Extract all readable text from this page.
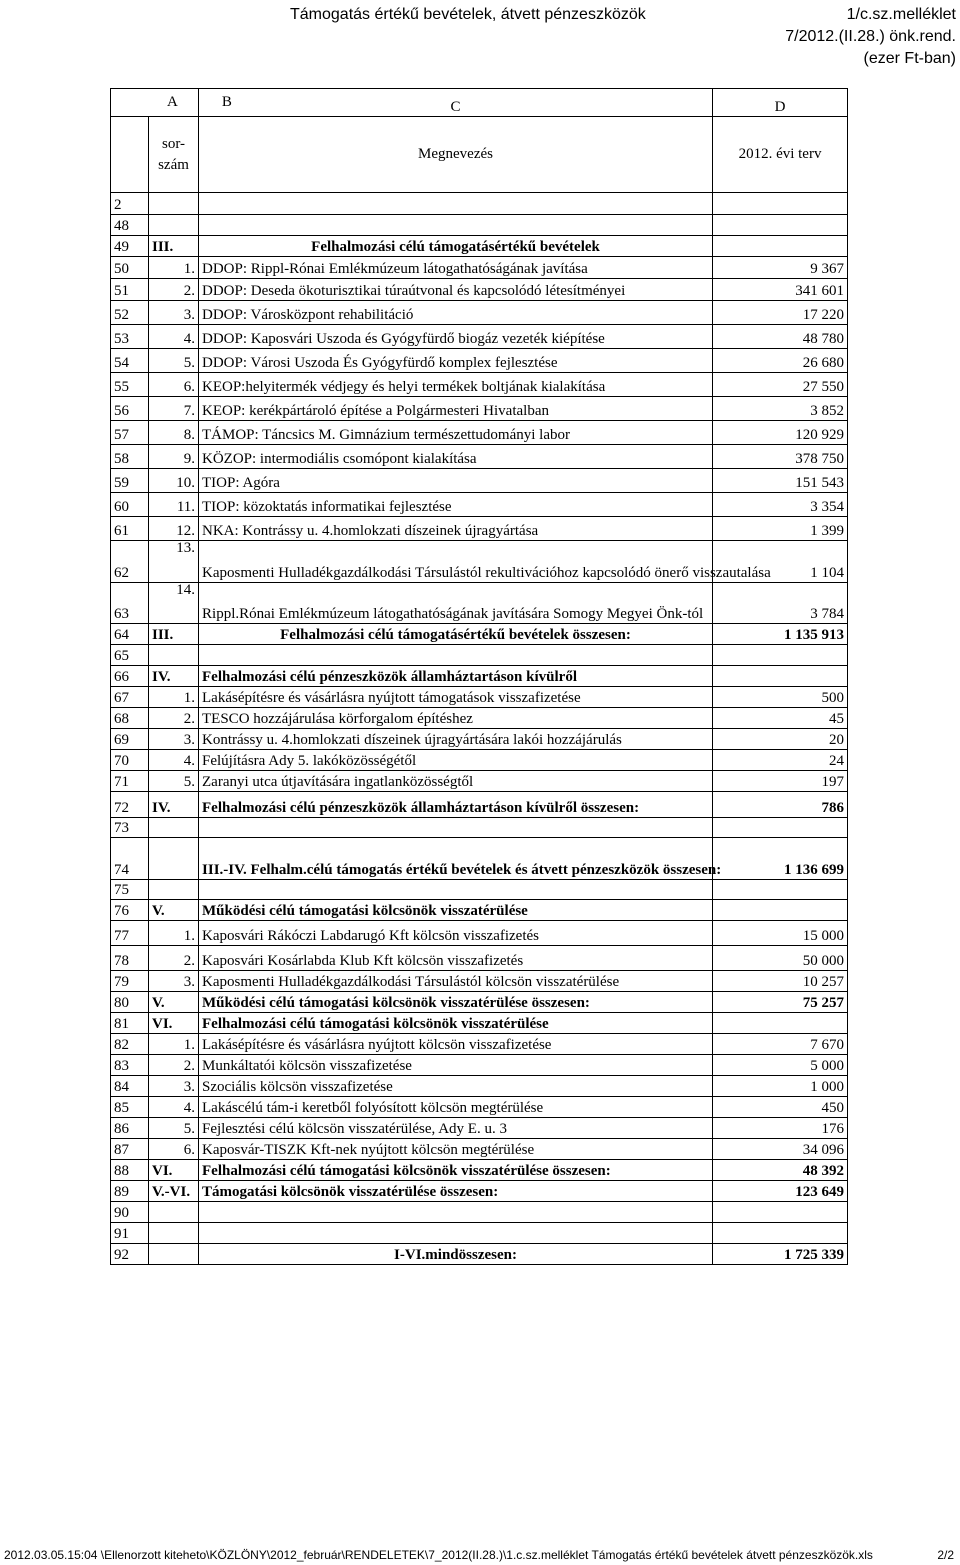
Támogatás értékű bevételek, átvett pénzeszközök	1/c.sz.melléklet
7/2012.(II.28.) önk.rend.
(ezer Ft-ban)
A B		C	D
	sor-
szám	Megnevezés	2012. évi terv
2			
48			
49	III.	Felhalmozási célú támogatásértékű bevételek	
50	1.	DDOP: Rippl-Rónai Emlékmúzeum látogathatóságának javítása	9 367
51	2.	DDOP: Deseda ökoturisztikai túraútvonal és kapcsolódó létesítményei	341 601
52	3.	DDOP: Városközpont rehabilitáció	17 220
53	4.	DDOP: Kaposvári Uszoda és Gyógyfürdő biogáz vezeték kiépítése	48 780
54	5.	DDOP: Városi Uszoda És Gyógyfürdő komplex fejlesztése	26 680
55	6.	KEOP:helyitermék védjegy és helyi termékek boltjának kialakítása	27 550
56	7.	KEOP: kerékpártároló építése a Polgármesteri Hivatalban	3 852
57	8.	TÁMOP: Táncsics M. Gimnázium természettudományi labor	120 929
58	9.	KÖZOP: intermodiális csomópont kialakítása	378 750
59	10.	TIOP: Agóra	151 543
60	11.	TIOP: közoktatás informatikai fejlesztése	3 354
61	12.	NKA: Kontrássy u. 4.homlokzati díszeinek újragyártása	1 399
62	13.	Kaposmenti Hulladékgazdálkodási Társulástól rekultivációhoz kapcsolódó önerő visszautalása	1 104
63	14.	Rippl.Rónai Emlékmúzeum látogathatóságának javítására Somogy Megyei Önk-tól	3 784
64	III.	Felhalmozási célú támogatásértékű bevételek összesen:	1 135 913
65			
66	IV.	Felhalmozási célú pénzeszközök államháztartáson kívülről	
67	1.	Lakásépítésre és vásárlásra nyújtott támogatások visszafizetése	500
68	2.	TESCO hozzájárulása körforgalom építéshez	45
69	3.	Kontrássy u. 4.homlokzati díszeinek újragyártására lakói hozzájárulás	20
70	4.	Felújításra Ady 5. lakóközösségétől	24
71	5.	Zaranyi utca útjavítására ingatlanközösségtől	197
72	IV.	Felhalmozási célú pénzeszközök államháztartáson kívülről összesen:	786
73			
74		III.-IV. Felhalm.célú támogatás értékű bevételek és átvett pénzeszközök összesen:	1 136 699
75			
76	V.	Működési célú támogatási kölcsönök visszatérülése	
77	1.	Kaposvári Rákóczi Labdarugó Kft kölcsön visszafizetés	15 000
78	2.	Kaposvári Kosárlabda Klub Kft kölcsön visszafizetés	50 000
79	3.	Kaposmenti Hulladékgazdálkodási Társulástól kölcsön visszatérülése	10 257
80	V.	Működési célú támogatási kölcsönök visszatérülése összesen:	75 257
81	VI.	Felhalmozási célú támogatási kölcsönök visszatérülése	
82	1.	Lakásépítésre és vásárlásra nyújtott kölcsön visszafizetése	7 670
83	2.	Munkáltatói kölcsön visszafizetése	5 000
84	3.	Szociális kölcsön visszafizetése	1 000
85	4.	Lakáscélú tám-i keretből folyósított kölcsön megtérülése	450
86	5.	Fejlesztési célú kölcsön visszatérülése, Ady E. u. 3	176
87	6.	Kaposvár-TISZK Kft-nek nyújtott kölcsön megtérülése	34 096
88	VI.	Felhalmozási célú támogatási kölcsönök visszatérülése összesen:	48 392
89	V.-VI.	Támogatási kölcsönök visszatérülése összesen:	123 649
90			
91			
92		I-VI.mindösszesen:	1 725 339
2012.03.05.15:04 \Ellenorzott kiteheto\KÖZLÖNY\2012_február\RENDELETEK\7_2012(II.28.)\1.c.sz.melléklet Támogatás értékű bevételek átvett pénzeszközök.xls	2/2
